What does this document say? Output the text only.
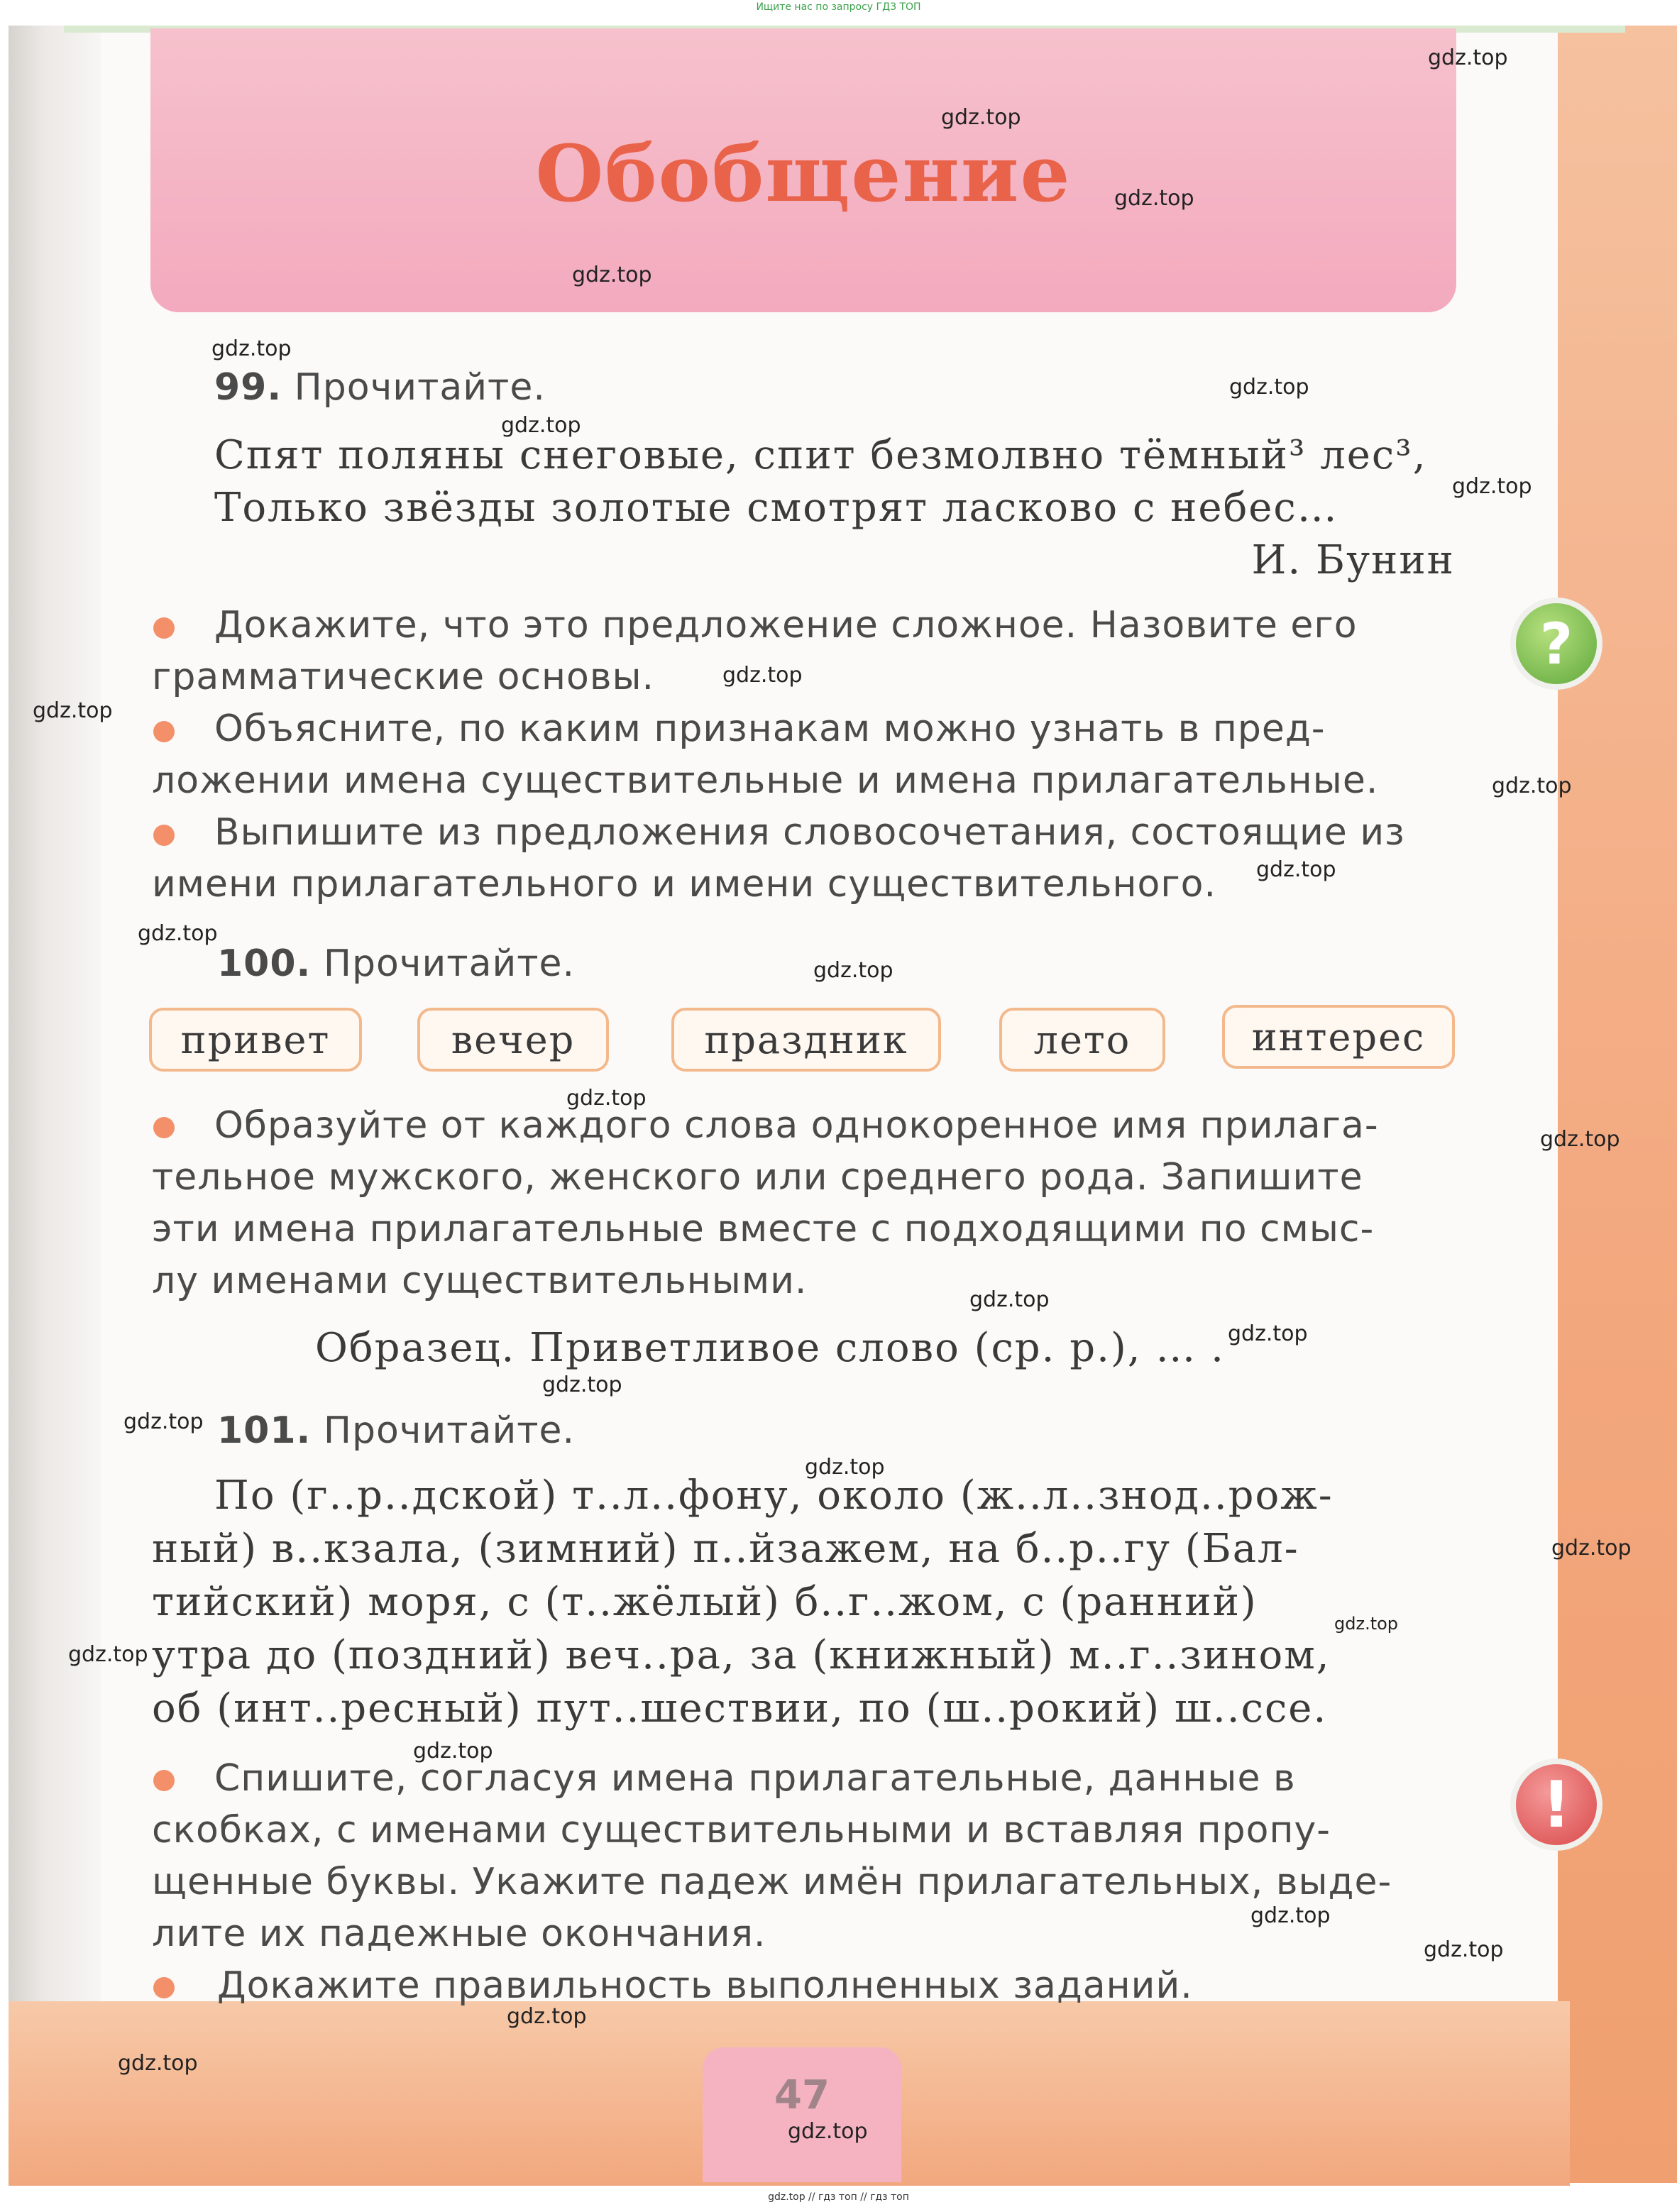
Ищите нас по запросу ГДЗ ТОП
Обобщение
99. Прочитайте.
Спят поляны снеговые, спит безмолвно тёмный³ лес³,
Только звёзды золотые смотрят ласково с небес…
И. Бунин
Докажите, что это предложение сложное. Назовите его
грамматические основы.
Объясните, по каким признакам можно узнать в пред-
ложении имена существительные и имена прилагательные.
Выпишите из предложения словосочетания, состоящие из
имени прилагательного и имени существительного.
100. Прочитайте.
привет	вечер	праздник	лето	интерес
Образуйте от каждого слова однокоренное имя прилага-
тельное мужского, женского или среднего рода. Запишите
эти имена прилагательные вместе с подходящими по смыс-
лу именами существительными.
Образец. Приветливое слово (ср. р.), … .
101. Прочитайте.
По (г..р..дской) т..л..фону, около (ж..л..знод..рож-
ный) в..кзала, (зимний) п..йзажем, на б..р..гу (Бал-
тийский) моря, с (т..жёлый) б..г..жом, с (ранний)
утра до (поздний) веч..ра, за (книжный) м..г..зином,
об (инт..ресный) пут..шествии, по (ш..рокий) ш..ссе.
Спишите, согласуя имена прилагательные, данные в
скобках, с именами существительными и вставляя пропу-
щенные буквы. Укажите падеж имён прилагательных, выде-
лите их падежные окончания.
Докажите правильность выполненных заданий.
?
!
47
gdz.top
gdz.top
gdz.top
gdz.top
gdz.top
gdz.top
gdz.top
gdz.top
gdz.top
gdz.top
gdz.top
gdz.top
gdz.top
gdz.top
gdz.top
gdz.top
gdz.top
gdz.top
gdz.top
gdz.top
gdz.top
gdz.top
gdz.top
gdz.top
gdz.top
gdz.top
gdz.top
gdz.top
gdz.top
gdz.top
gdz.top // гдз топ // гдз топ
